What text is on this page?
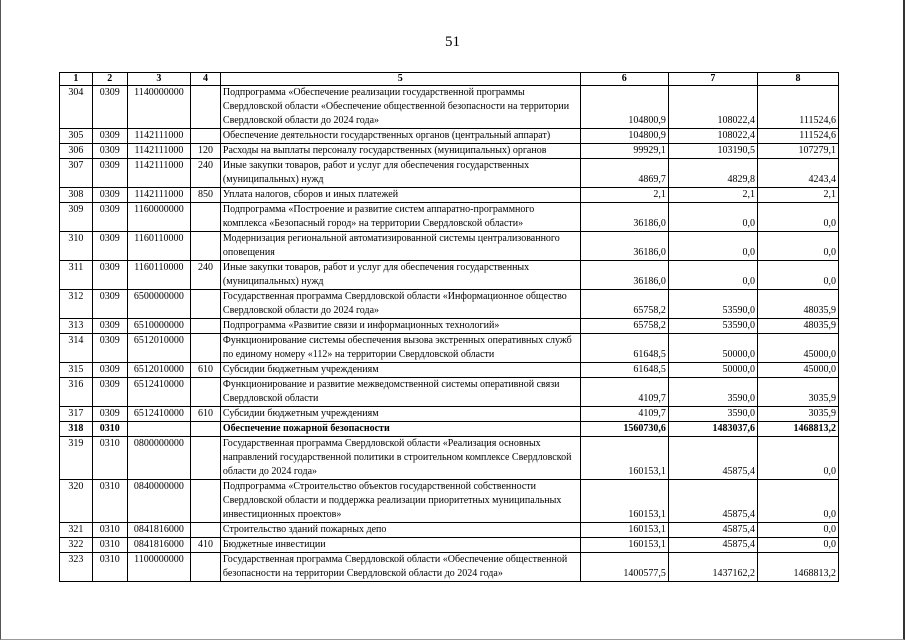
51
1	2	3	4	5	6	7	8
304	0309	1140000000		Подпрограмма «Обеспечение реализации государственной программы Свердловской области «Обеспечение общественной безопасности на территории Свердловской области до 2024 года»	104800,9	108022,4	111524,6
305	0309	1142111000		Обеспечение деятельности государственных органов (центральный аппарат)	104800,9	108022,4	111524,6
306	0309	1142111000	120	Расходы на выплаты персоналу государственных (муниципальных) органов	99929,1	103190,5	107279,1
307	0309	1142111000	240	Иные закупки товаров, работ и услуг для обеспечения государственных (муниципальных) нужд	4869,7	4829,8	4243,4
308	0309	1142111000	850	Уплата налогов, сборов и иных платежей	2,1	2,1	2,1
309	0309	1160000000		Подпрограмма «Построение и развитие систем аппаратно-программного комплекса «Безопасный город» на территории Свердловской области»	36186,0	0,0	0,0
310	0309	1160110000		Модернизация региональной автоматизированной системы централизованного оповещения	36186,0	0,0	0,0
311	0309	1160110000	240	Иные закупки товаров, работ и услуг для обеспечения государственных (муниципальных) нужд	36186,0	0,0	0,0
312	0309	6500000000		Государственная программа Свердловской области «Информационное общество Свердловской области до 2024 года»	65758,2	53590,0	48035,9
313	0309	6510000000		Подпрограмма «Развитие связи и информационных технологий»	65758,2	53590,0	48035,9
314	0309	6512010000		Функционирование системы обеспечения вызова экстренных оперативных служб по единому номеру «112» на территории Свердловской области	61648,5	50000,0	45000,0
315	0309	6512010000	610	Субсидии бюджетным учреждениям	61648,5	50000,0	45000,0
316	0309	6512410000		Функционирование и развитие межведомственной системы оперативной связи Свердловской области	4109,7	3590,0	3035,9
317	0309	6512410000	610	Субсидии бюджетным учреждениям	4109,7	3590,0	3035,9
318	0310			Обеспечение пожарной безопасности	1560730,6	1483037,6	1468813,2
319	0310	0800000000		Государственная программа Свердловской области «Реализация основных направлений государственной политики в строительном комплексе Свердловской области до 2024 года»	160153,1	45875,4	0,0
320	0310	0840000000		Подпрограмма «Строительство объектов государственной собственности Свердловской области и поддержка реализации приоритетных муниципальных инвестиционных проектов»	160153,1	45875,4	0,0
321	0310	0841816000		Строительство зданий пожарных депо	160153,1	45875,4	0,0
322	0310	0841816000	410	Бюджетные инвестиции	160153,1	45875,4	0,0
323	0310	1100000000		Государственная программа Свердловской области «Обеспечение общественной безопасности на территории Свердловской области до 2024 года»	1400577,5	1437162,2	1468813,2
